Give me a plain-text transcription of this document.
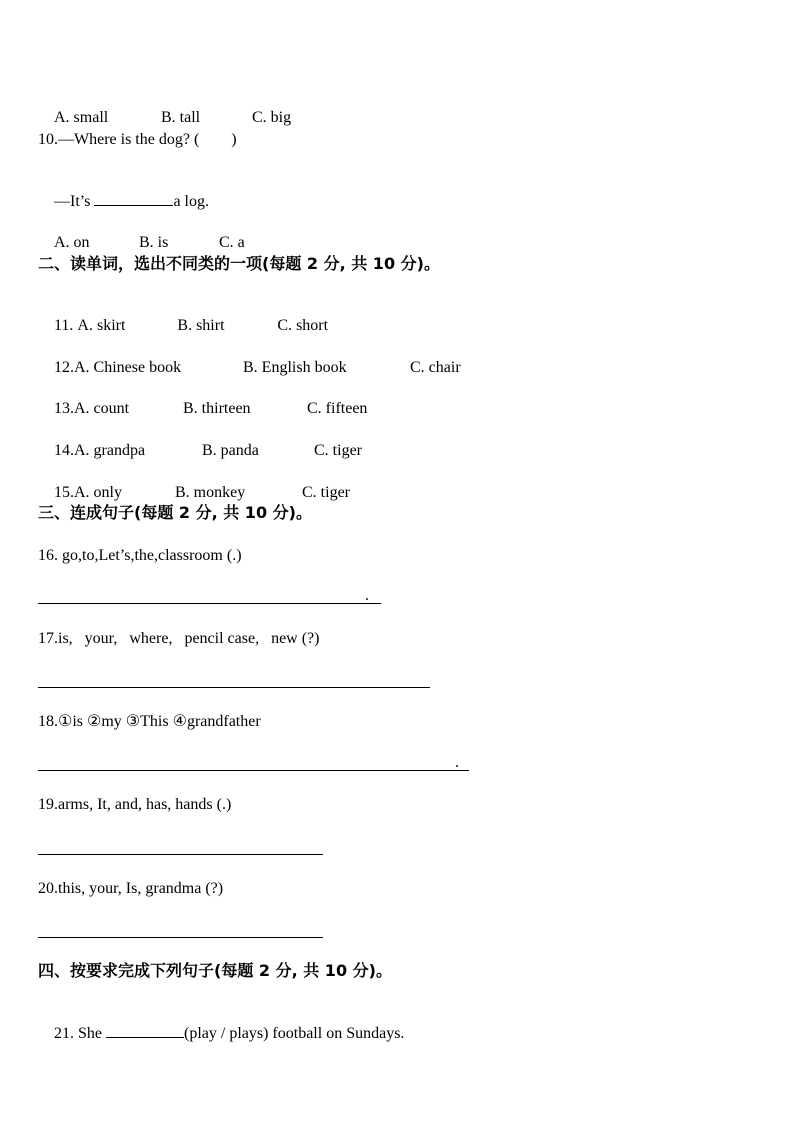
A. small	B. tall	C. big

10.—Where is the dog? (        )

—It’s	a log.

A. on	B. is	C. a

二、读单词，选出不同类的一项(每题 2 分, 共 10 分)。

11. A. skirt	B. shirt	C. short

12.A. Chinese book	B. English book	C. chair

13.A. count	B. thirteen	C. fifteen

14.A. grandpa	B. panda	C. tiger

15.A. only	B. monkey	C. tiger

三、连成句子(每题 2 分, 共 10 分)。
16. go,to,Let’s,the,classroom (.)
.
17.is,   your,   where,   pencil case,   new (?)
18.①is ②my ③This ④grandfather
.
19.arms, It, and, has, hands (.)
20.this, your, Is, grandma (?)
四、按要求完成下列句子(每题 2 分, 共 10 分)。

21. She	(play / plays) football on Sundays.
